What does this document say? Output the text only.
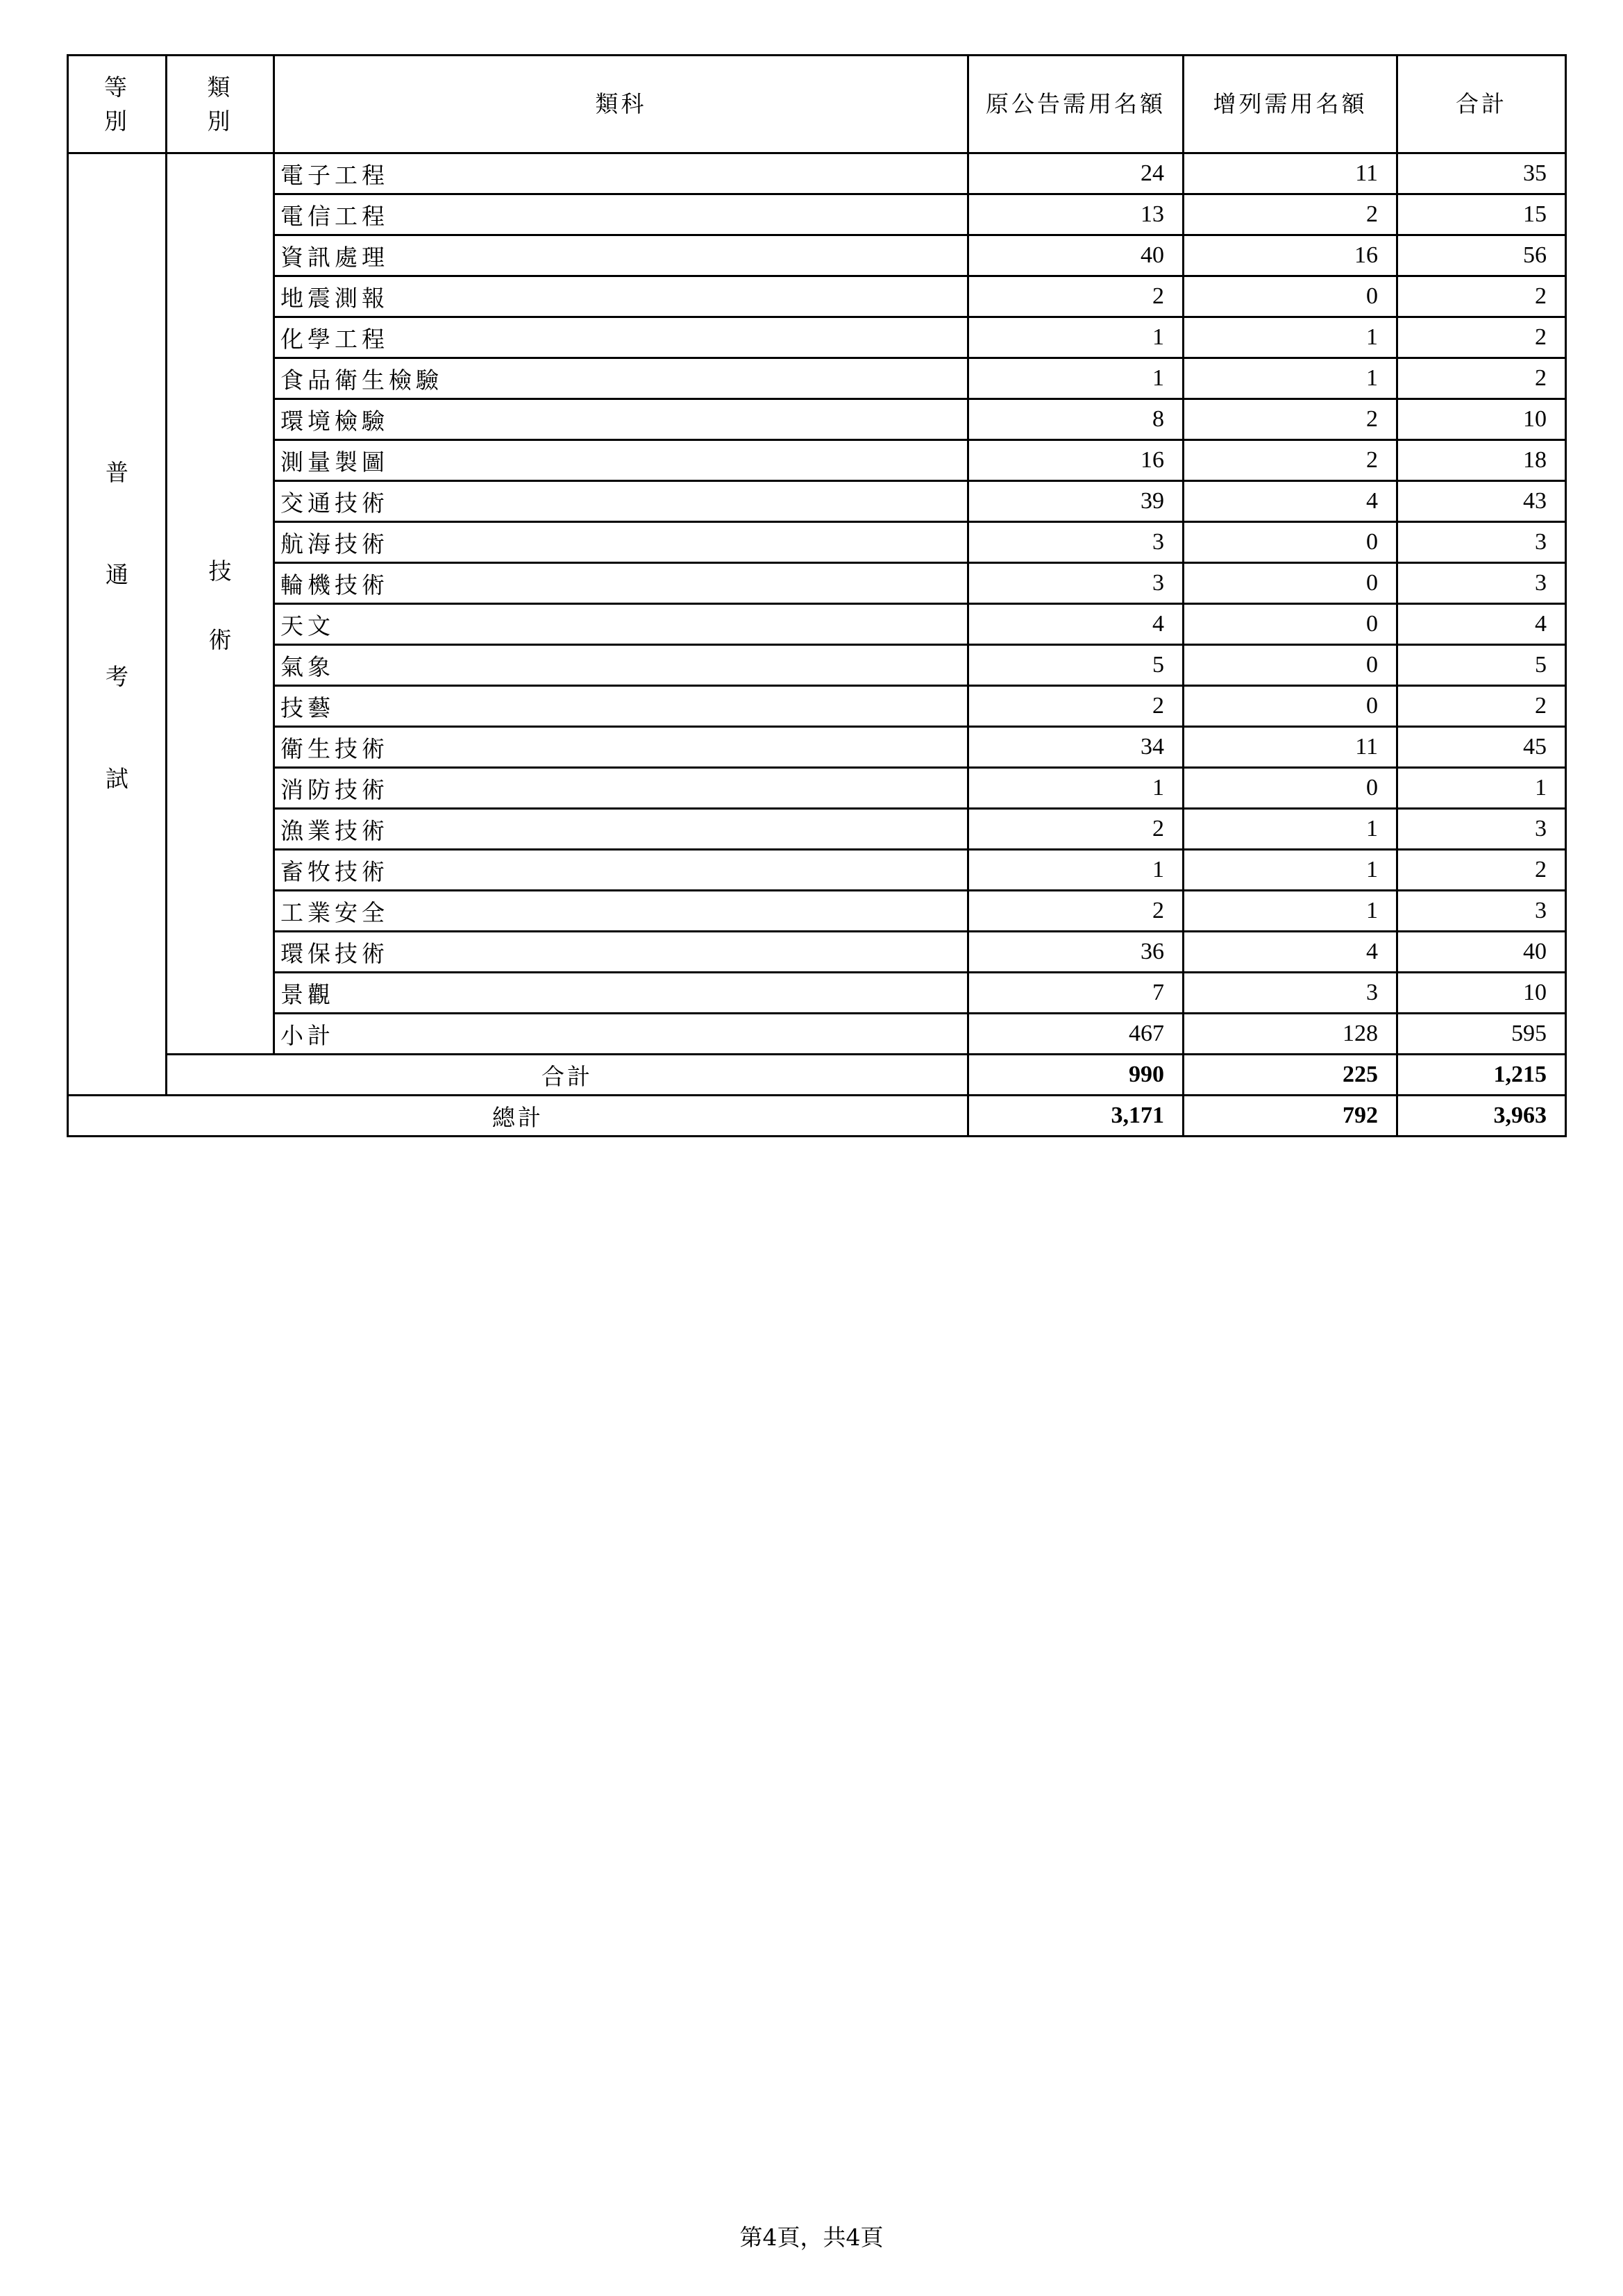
等
別	類
別	類科	原公告需用名額	增列需用名額	合計

普
通
考
試	技
術	電子工程	24	11	35
		電信工程	13	2	15
		資訊處理	40	16	56
		地震測報	2	0	2
		化學工程	1	1	2
		食品衛生檢驗	1	1	2
		環境檢驗	8	2	10
		測量製圖	16	2	18
		交通技術	39	4	43
		航海技術	3	0	3
		輪機技術	3	0	3
		天文	4	0	4
		氣象	5	0	5
		技藝	2	0	2
		衛生技術	34	11	45
		消防技術	1	0	1
		漁業技術	2	1	3
		畜牧技術	1	1	2
		工業安全	2	1	3
		環保技術	36	4	40
		景觀	7	3	10
		小計	467	128	595
	合計		990	225	1,215
總計			3,171	792	3,963
第4頁，共4頁
